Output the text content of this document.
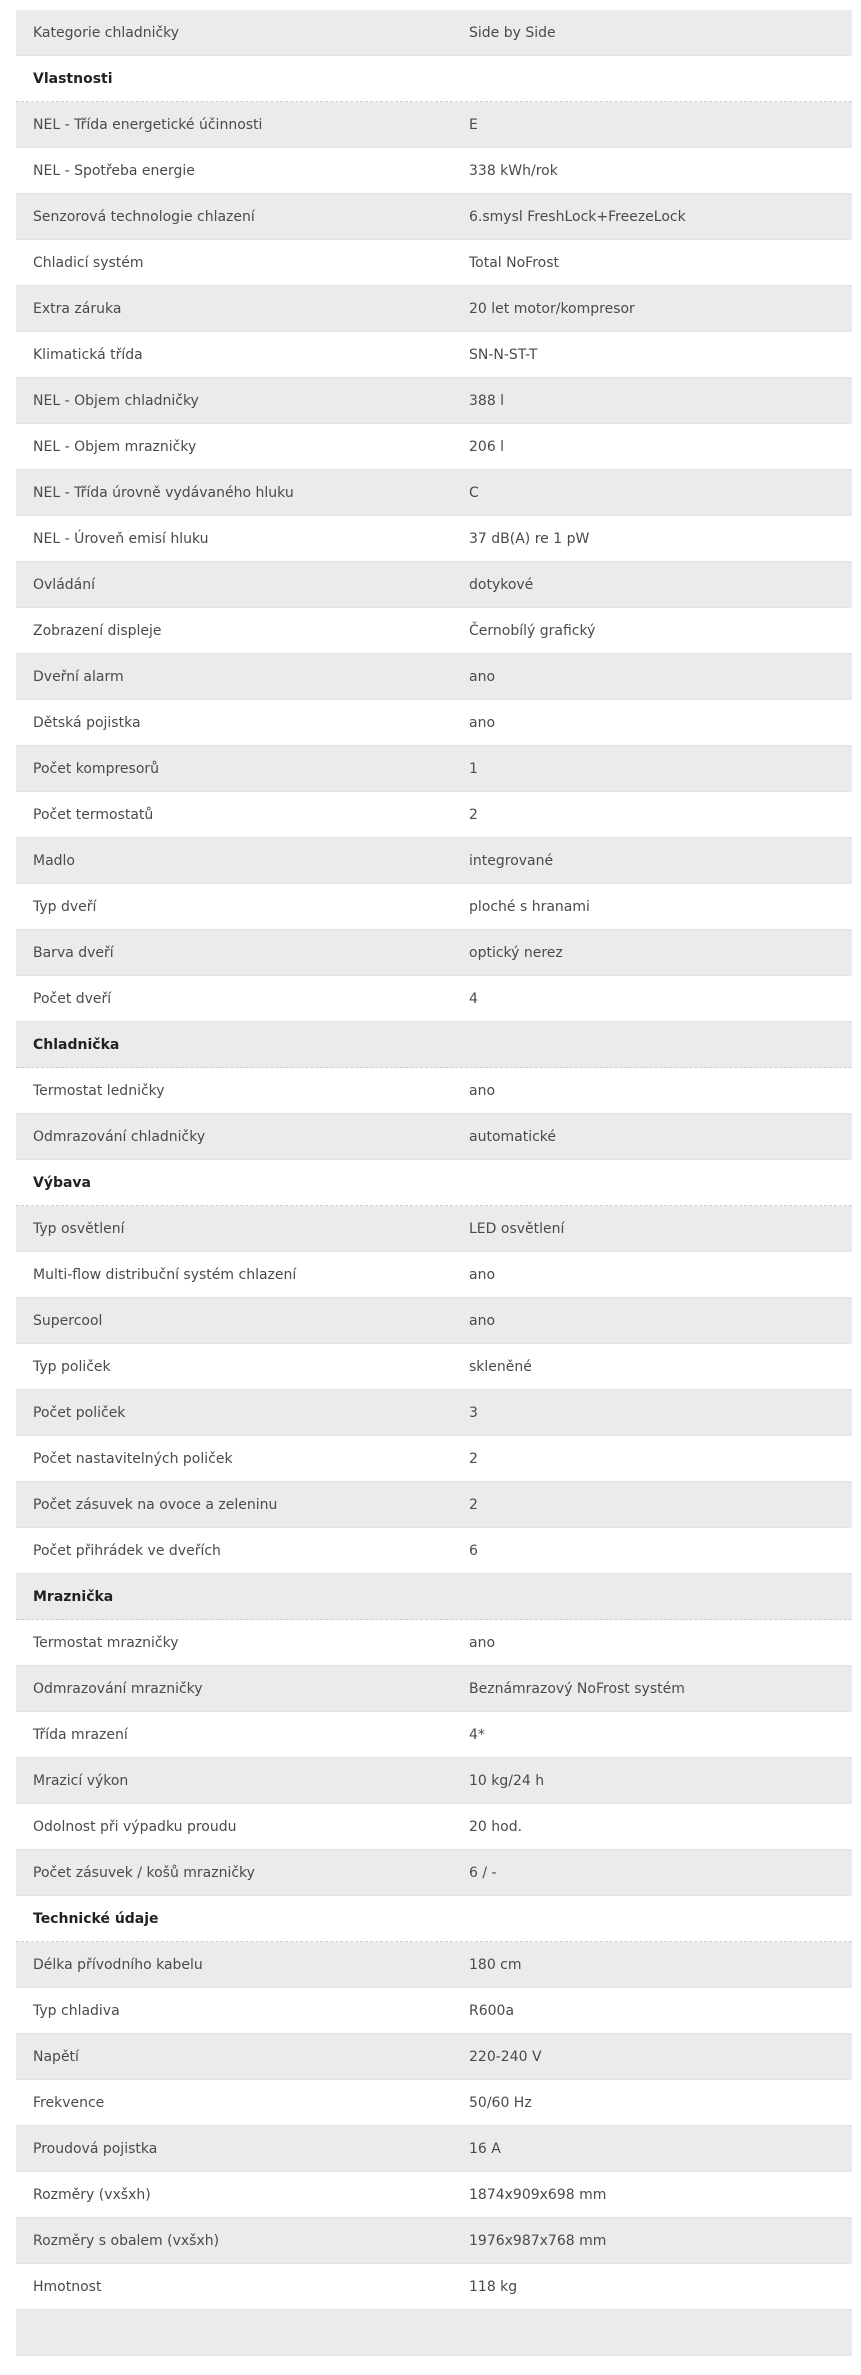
Kategorie chladničky	Side by Side
Vlastnosti
NEL - Třída energetické účinnosti	E
NEL - Spotřeba energie	338 kWh/rok
Senzorová technologie chlazení	6.smysl FreshLock+FreezeLock
Chladicí systém	Total NoFrost
Extra záruka	20 let motor/kompresor
Klimatická třída	SN-N-ST-T
NEL - Objem chladničky	388 l
NEL - Objem mrazničky	206 l
NEL - Třída úrovně vydávaného hluku	C
NEL - Úroveň emisí hluku	37 dB(A) re 1 pW
Ovládání	dotykové
Zobrazení displeje	Černobílý grafický
Dveřní alarm	ano
Dětská pojistka	ano
Počet kompresorů	1
Počet termostatů	2
Madlo	integrované
Typ dveří	ploché s hranami
Barva dveří	optický nerez
Počet dveří	4
Chladnička
Termostat ledničky	ano
Odmrazování chladničky	automatické
Výbava
Typ osvětlení	LED osvětlení
Multi-flow distribuční systém chlazení	ano
Supercool	ano
Typ poliček	skleněné
Počet poliček	3
Počet nastavitelných poliček	2
Počet zásuvek na ovoce a zeleninu	2
Počet přihrádek ve dveřích	6
Mraznička
Termostat mrazničky	ano
Odmrazování mrazničky	Beznámrazový NoFrost systém
Třída mrazení	4*
Mrazicí výkon	10 kg/24 h
Odolnost při výpadku proudu	20 hod.
Počet zásuvek / košů mrazničky	6 / -
Technické údaje
Délka přívodního kabelu	180 cm
Typ chladiva	R600a
Napětí	220-240 V
Frekvence	50/60 Hz
Proudová pojistka	16 A
Rozměry (vxšxh)	1874x909x698 mm
Rozměry s obalem (vxšxh)	1976x987x768 mm
Hmotnost	118 kg
